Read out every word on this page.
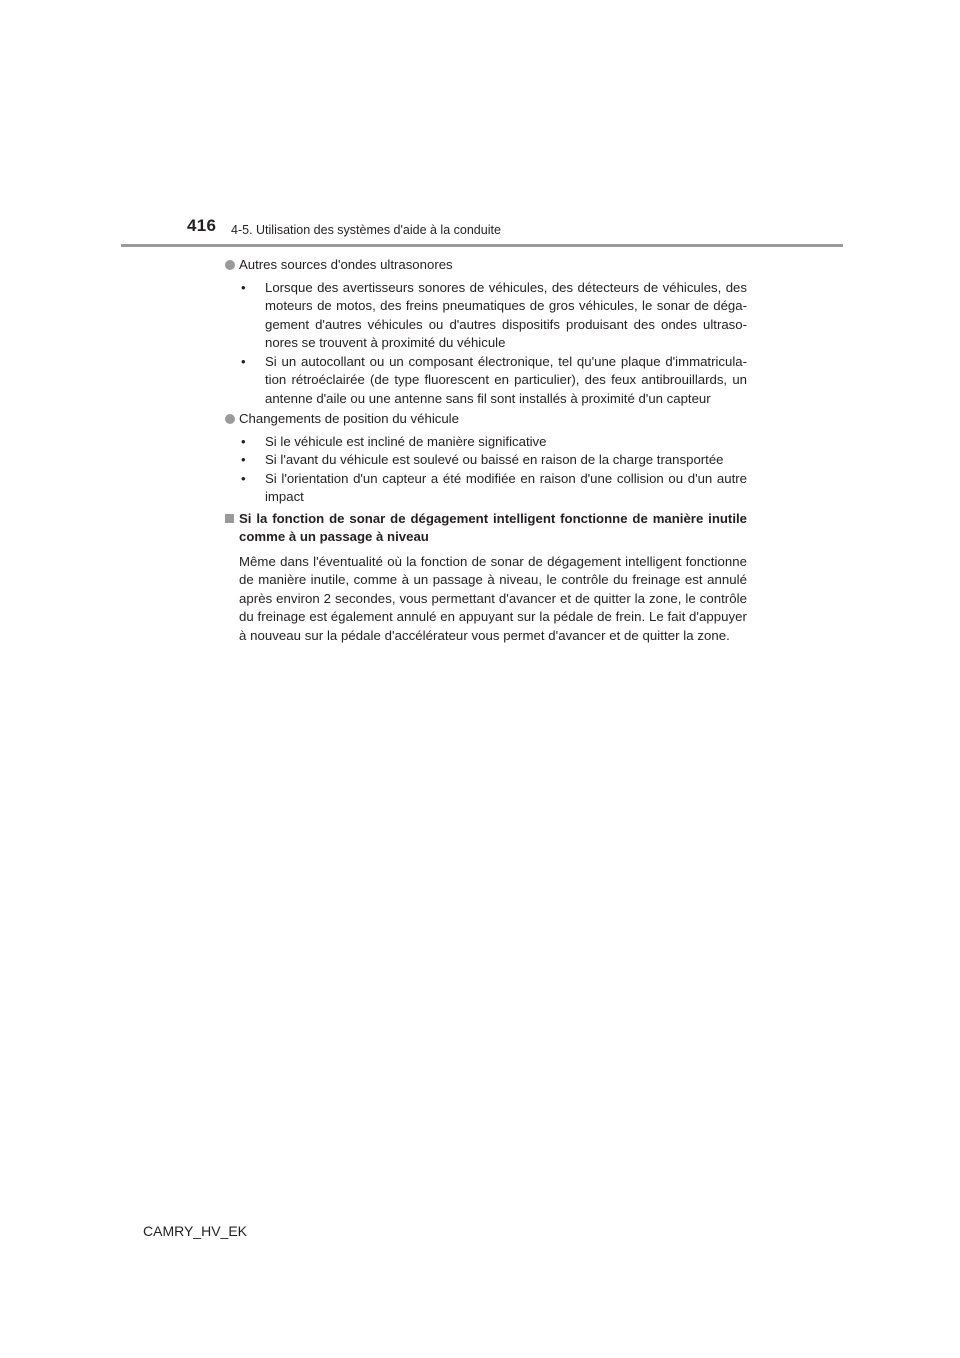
416 4-5. Utilisation des systèmes d'aide à la conduite
Autres sources d'ondes ultrasonores
• Lorsque des avertisseurs sonores de véhicules, des détecteurs de véhicules, des moteurs de motos, des freins pneumatiques de gros véhicules, le sonar de déga-gement d'autres véhicules ou d'autres dispositifs produisant des ondes ultraso-nores se trouvent à proximité du véhicule
• Si un autocollant ou un composant électronique, tel qu'une plaque d'immatricula-tion rétroéclairée (de type fluorescent en particulier), des feux antibrouillards, un antenne d'aile ou une antenne sans fil sont installés à proximité d'un capteur
Changements de position du véhicule
• Si le véhicule est incliné de manière significative
• Si l'avant du véhicule est soulevé ou baissé en raison de la charge transportée
• Si l'orientation d'un capteur a été modifiée en raison d'une collision ou d'un autre impact
Si la fonction de sonar de dégagement intelligent fonctionne de manière inutile comme à un passage à niveau
Même dans l'éventualité où la fonction de sonar de dégagement intelligent fonctionne de manière inutile, comme à un passage à niveau, le contrôle du freinage est annulé après environ 2 secondes, vous permettant d'avancer et de quitter la zone, le contrôle du freinage est également annulé en appuyant sur la pédale de frein. Le fait d'appuyer à nouveau sur la pédale d'accélérateur vous permet d'avancer et de quitter la zone.
CAMRY_HV_EK
